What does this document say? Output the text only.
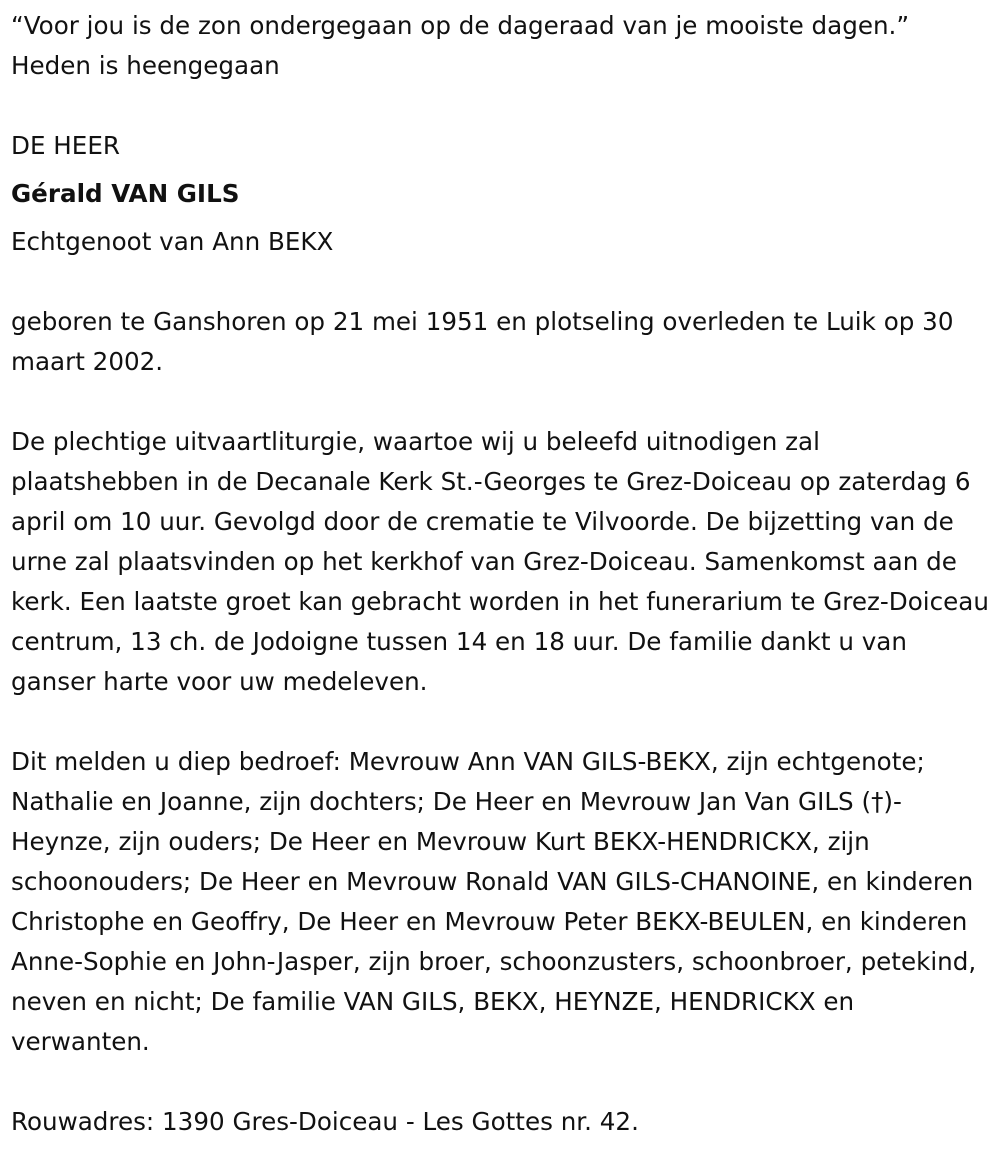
“Voor jou is de zon ondergegaan op de dageraad van je mooiste dagen.”
Heden is heengegaan
DE HEER
Gérald VAN GILS
Echtgenoot van Ann BEKX
geboren te Ganshoren op 21 mei 1951 en plotseling overleden te Luik op 30 maart 2002.
De plechtige uitvaartliturgie, waartoe wij u beleefd uitnodigen zal plaatshebben in de Decanale Kerk St.-Georges te Grez-Doiceau op zaterdag 6 april om 10 uur. Gevolgd door de crematie te Vilvoorde. De bijzetting van de urne zal plaatsvinden op het kerkhof van Grez-Doiceau. Samenkomst aan de kerk. Een laatste groet kan gebracht worden in het funerarium te Grez-Doiceau centrum, 13 ch. de Jodoigne tussen 14 en 18 uur. De familie dankt u van ganser harte voor uw medeleven.
Dit melden u diep bedroef: Mevrouw Ann VAN GILS-BEKX, zijn echtgenote; Nathalie en Joanne, zijn dochters; De Heer en Mevrouw Jan Van GILS (†)-Heynze, zijn ouders; De Heer en Mevrouw Kurt BEKX-HENDRICKX, zijn schoonouders; De Heer en Mevrouw Ronald VAN GILS-CHANOINE, en kinderen Christophe en Geoffry, De Heer en Mevrouw Peter BEKX-BEULEN, en kinderen Anne-Sophie en John-Jasper, zijn broer, schoonzusters, schoonbroer, petekind, neven en nicht; De familie VAN GILS, BEKX, HEYNZE, HENDRICKX en verwanten.
Rouwadres: 1390 Gres-Doiceau - Les Gottes nr. 42.
